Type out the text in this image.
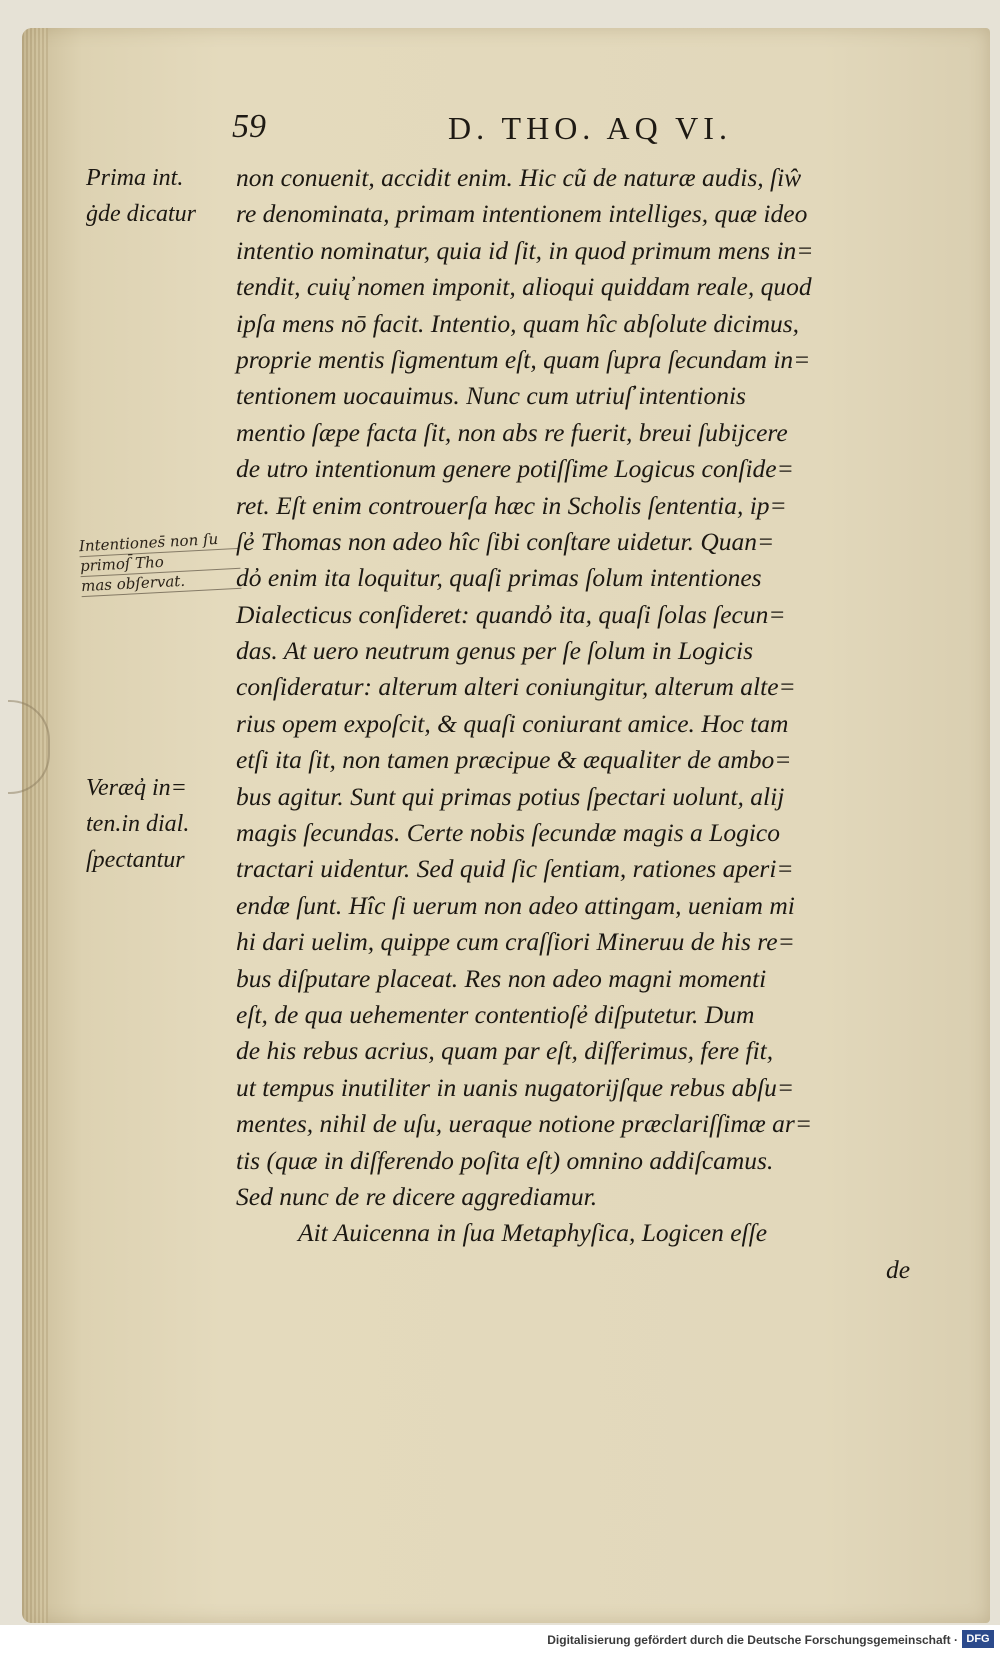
59	D. THO. AQ VI.
Prima int.
ġde dicatur
Intentiones̄ non ſu
primoſ̄ Tho
mas obſervat.
Veræq̓ in=
ten.in dial.
ſpectantur
non conuenit, accidit enim. Hic cũ de naturæ audis, ſiŵ
re denominata, primam intentionem intelliges, quæ ideo
intentio nominatur, quia id ſit, in quod primum mens in=
tendit, cuių̓ nomen imponit, alioqui quiddam reale, quod
ipſa mens nō facit. Intentio, quam hîc abſolute dicimus,
proprie mentis ſigmentum eſt, quam ſupra ſecundam in=
tentionem uocauimus. Nunc cum utriuſ̓ intentionis
mentio ſæpe facta ſit, non abs re fuerit, breui ſubijcere
de utro intentionum genere potiſſime Logicus conſide=
ret. Eſt enim controuerſa hæc in Scholis ſententia, ip=
ſe̓ Thomas non adeo hîc ſibi conſtare uidetur. Quan=
do̓ enim ita loquitur, quaſi primas ſolum intentiones
Dialecticus conſideret: quando̓ ita, quaſi ſolas ſecun=
das. At uero neutrum genus per ſe ſolum in Logicis
conſideratur: alterum alteri coniungitur, alterum alte=
rius opem expoſcit, & quaſi coniurant amice. Hoc tam
etſi ita ſit, non tamen præcipue & æqualiter de ambo=
bus agitur. Sunt qui primas potius ſpectari uolunt, alij
magis ſecundas. Certe nobis ſecundæ magis a Logico
tractari uidentur. Sed quid ſic ſentiam, rationes aperi=
endæ ſunt. Hîc ſi uerum non adeo attingam, ueniam mi
hi dari uelim, quippe cum craſſiori Mineruu de his re=
bus diſputare placeat. Res non adeo magni momenti
eſt, de qua uehementer contentioſe̓ diſputetur. Dum
de his rebus acrius, quam par eſt, diſferimus, fere fit,
ut tempus inutiliter in uanis nugatorijſque rebus abſu=
mentes, nihil de uſu, ueraque notione præclariſſimæ ar=
tis (quæ in diſferendo poſita eſt) omnino addiſcamus.
Sed nunc de re dicere aggrediamur.
Ait Auicenna in ſua Metaphyſica, Logicen eſſe
de
Digitalisierung gefördert durch die Deutsche Forschungsgemeinschaft · DFG
